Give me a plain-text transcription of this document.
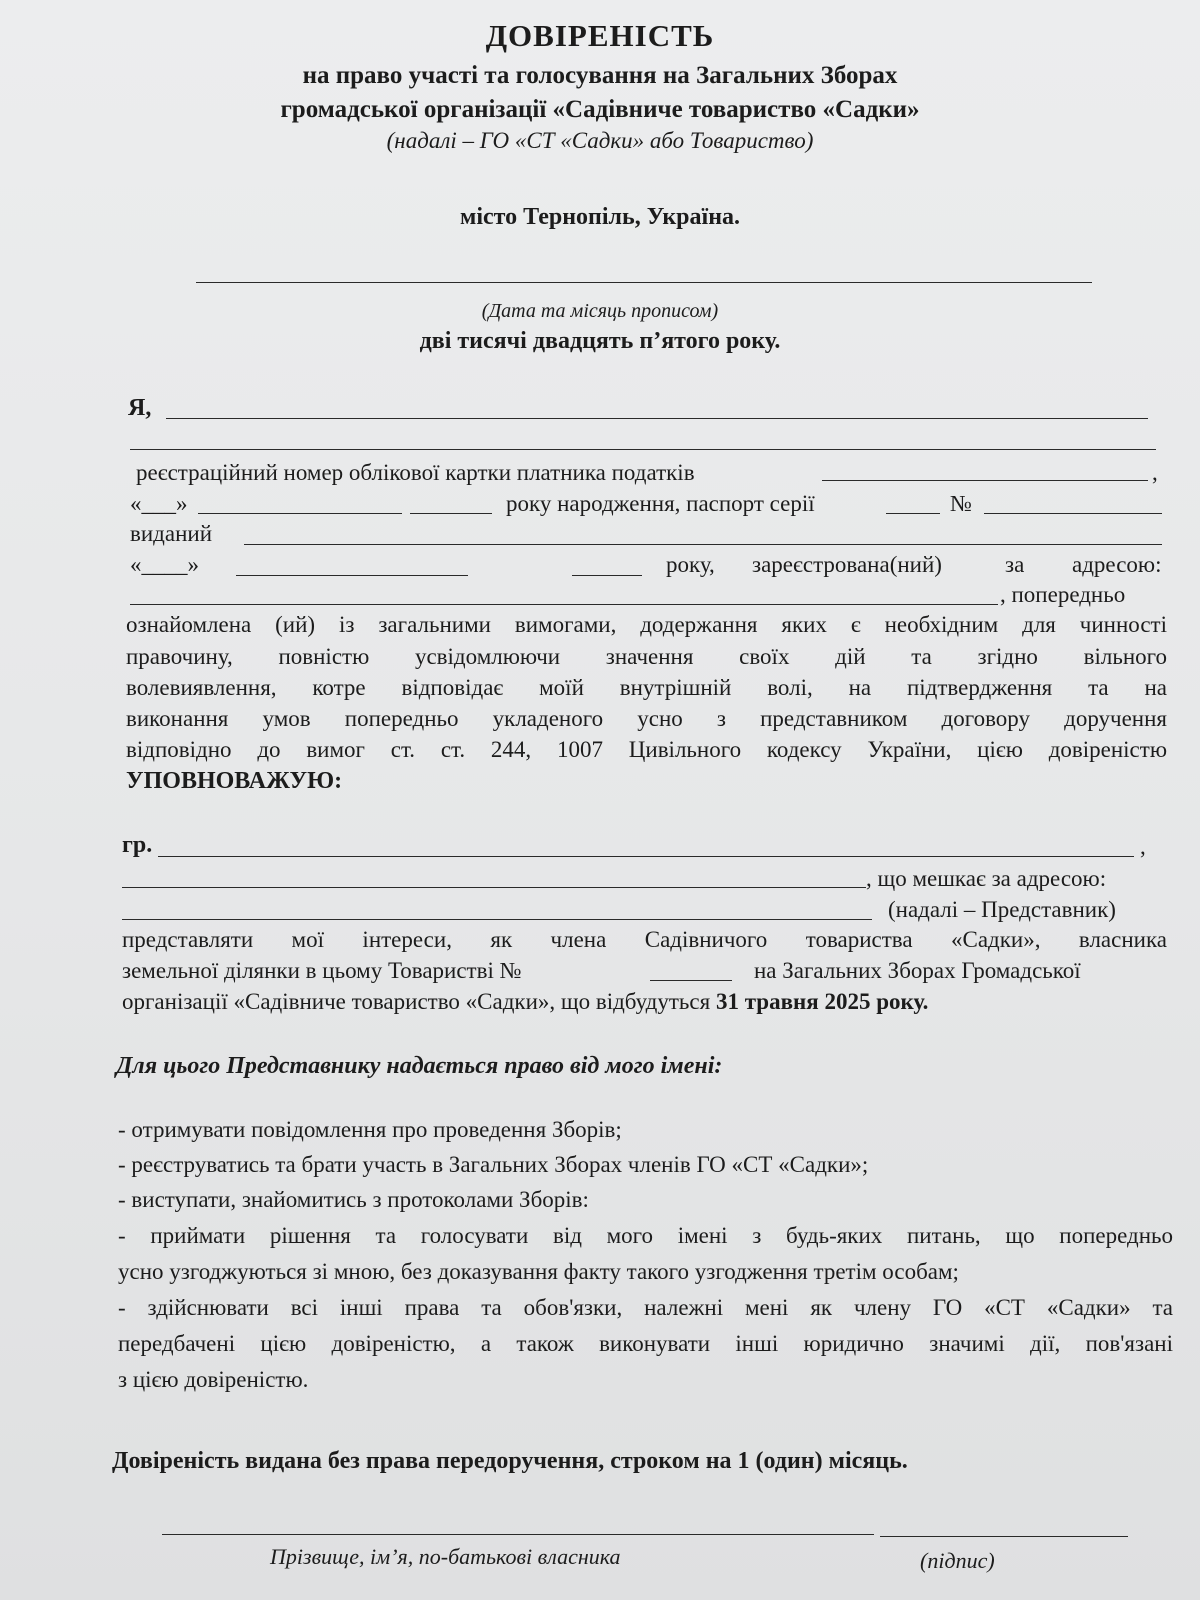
ДОВІРЕНІСТЬ
на право участі та голосування на Загальних Зборах
громадської організації «Садівниче товариство «Садки»
(надалі – ГО «СТ «Садки» або Товариство)
місто Тернопіль, Україна.
(Дата та місяць прописом)
дві тисячі двадцять п’ятого року.
Я,
реєстраційний номер облікової картки платника податків	,
«___»	року народження, паспорт серії	№
виданий
«____»	року, зареєстрована(ний)	за адресою:
, попередньо
ознайомлена (ий) із загальними вимогами, додержання яких є необхідним для чинності
правочину, повністю усвідомлюючи значення своїх дій та згідно вільного
волевиявлення, котре відповідає моїй внутрішній волі, на підтвердження та на
виконання умов попередньо укладеного усно з представником договору доручення
відповідно до вимог ст. ст. 244, 1007 Цивільного кодексу України, цією довіреністю
УПОВНОВАЖУЮ:
гр.	,
, що мешкає за адресою:
(надалі – Представник)
представляти мої інтереси, як члена Садівничого товариства «Садки», власника
земельної ділянки в цьому Товаристві №	на Загальних Зборах Громадської
організації «Садівниче товариство «Садки», що відбудуться 31 травня 2025 року.
Для цього Представнику надається право від мого імені:
- отримувати повідомлення про проведення Зборів;
- реєструватись та брати участь в Загальних Зборах членів ГО «СТ «Садки»;
- виступати, знайомитись з протоколами Зборів:
- приймати рішення та голосувати від мого імені з будь-яких питань, що попередньо
усно узгоджуються зі мною, без доказування факту такого узгодження третім особам;
- здійснювати всі інші права та обов'язки, належні мені як члену ГО «СТ «Садки» та
передбачені цією довіреністю, а також виконувати інші юридично значимі дії, пов'язані
з цією довіреністю.
Довіреність видана без права передоручення, строком на 1 (один) місяць.
Прізвище, ім’я, по-батькові власника	(підпис)
